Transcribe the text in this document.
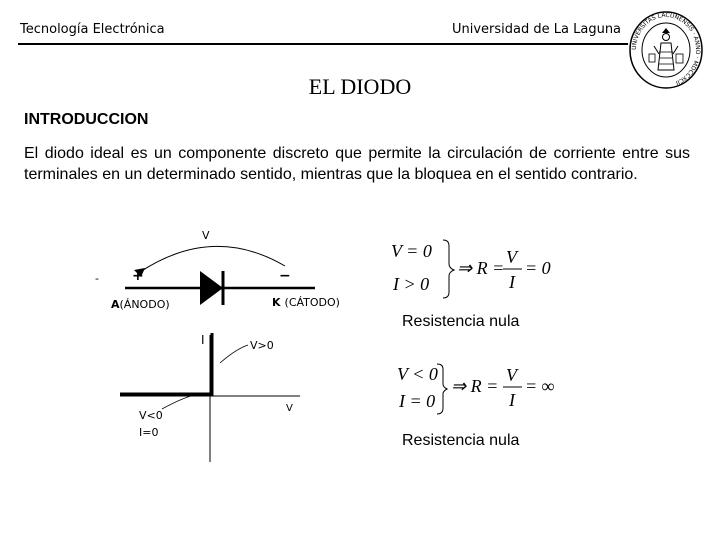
Tecnología Electrónica	Universidad de La Laguna
UNIVERSITAS LACUNENSIS · ANNO · MDCCXCII
EL DIODO
INTRODUCCION
El diodo ideal es un componente discreto que permite la circulación de corriente entre sus terminales en un determinado sentido, mientras que la bloquea en el sentido contrario.
V
- +	−
A(ÁNODO)	K (CÁTODO)
I
V
V>0
V<0
I=0
V = 0
I > 0
⇒ R =
V
I
= 0
Resistencia nula
V < 0
I = 0
⇒ R =
V
I
= ∞
Resistencia nula
